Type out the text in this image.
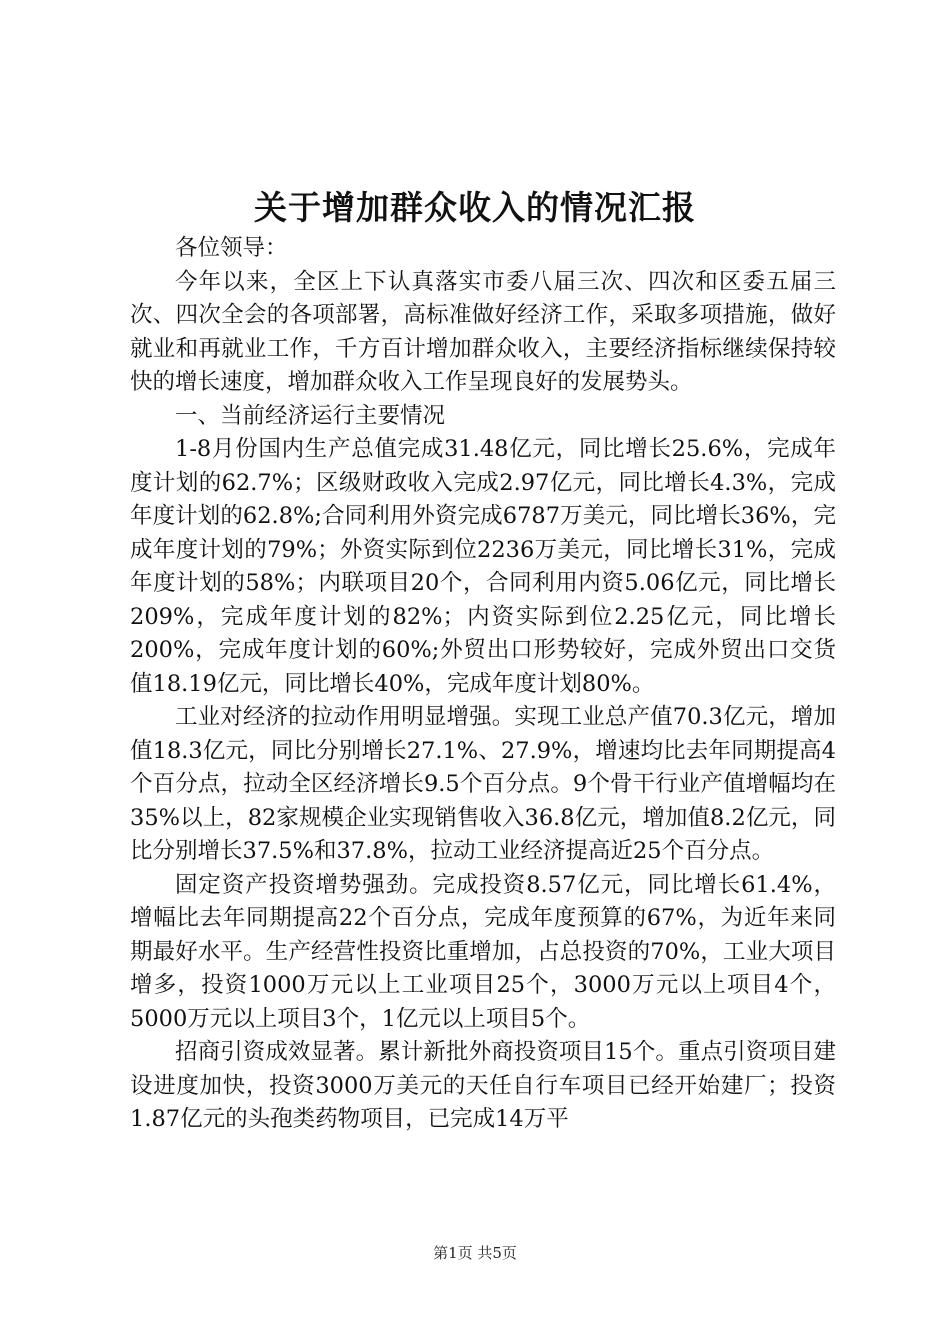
关于增加群众收入的情况汇报

各位领导：

今年以来，全区上下认真落实市委八届三次、四次和区委五届三次、四次全会的各项部署，高标准做好经济工作，采取多项措施，做好就业和再就业工作，千方百计增加群众收入，主要经济指标继续保持较快的增长速度，增加群众收入工作呈现良好的发展势头。

一、当前经济运行主要情况

1-8月份国内生产总值完成31.48亿元，同比增长25.6%，完成年度计划的62.7%；区级财政收入完成2.97亿元，同比增长4.3%，完成年度计划的62.8%;合同利用外资完成6787万美元，同比增长36%，完成年度计划的79%；外资实际到位2236万美元，同比增长31%，完成年度计划的58%；内联项目20个，合同利用内资5.06亿元，同比增长209%，完成年度计划的82%；内资实际到位2.25亿元，同比增长200%，完成年度计划的60%;外贸出口形势较好，完成外贸出口交货值18.19亿元，同比增长40%，完成年度计划80%。

工业对经济的拉动作用明显增强。实现工业总产值70.3亿元，增加值18.3亿元，同比分别增长27.1%、27.9%，增速均比去年同期提高4个百分点，拉动全区经济增长9.5个百分点。9个骨干行业产值增幅均在35%以上，82家规模企业实现销售收入36.8亿元，增加值8.2亿元，同比分别增长37.5%和37.8%，拉动工业经济提高近25个百分点。

固定资产投资增势强劲。完成投资8.57亿元，同比增长61.4%，增幅比去年同期提高22个百分点，完成年度预算的67%，为近年来同期最好水平。生产经营性投资比重增加，占总投资的70%，工业大项目增多，投资1000万元以上工业项目25个，3000万元以上项目4个，5000万元以上项目3个，1亿元以上项目5个。

招商引资成效显著。累计新批外商投资项目15个。重点引资项目建设进度加快，投资3000万美元的天任自行车项目已经开始建厂；投资1.87亿元的头孢类药物项目，已完成14万平

第1页 共5页
